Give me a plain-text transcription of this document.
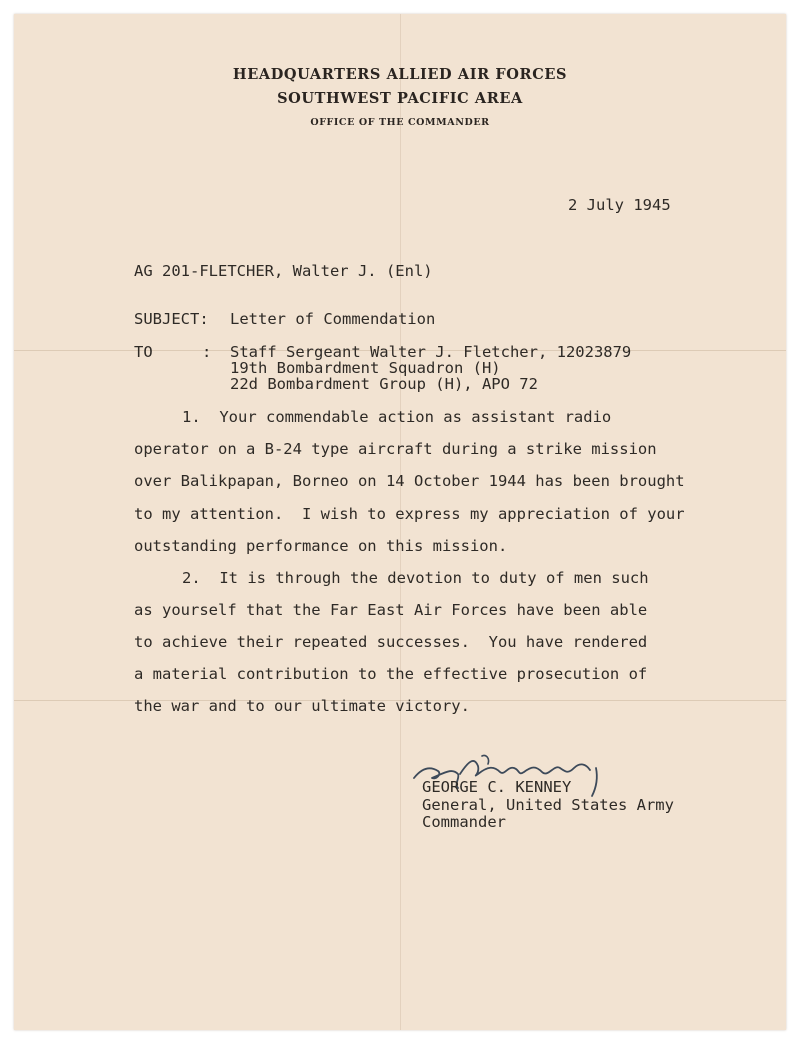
HEADQUARTERS ALLIED AIR FORCES
SOUTHWEST PACIFIC AREA
OFFICE OF THE COMMANDER
2 July 1945
AG 201-FLETCHER, Walter J. (Enl)
SUBJECT: Letter of Commendation
TO	: Staff Sergeant Walter J. Fletcher, 12023879
19th Bombardment Squadron (H)
22d Bombardment Group (H), APO 72
1.  Your commendable action as assistant radio
operator on a B-24 type aircraft during a strike mission
over Balikpapan, Borneo on 14 October 1944 has been brought
to my attention.  I wish to express my appreciation of your
outstanding performance on this mission.
2.  It is through the devotion to duty of men such
as yourself that the Far East Air Forces have been able
to achieve their repeated successes.  You have rendered
a material contribution to the effective prosecution of
the war and to our ultimate victory.
GEORGE C. KENNEY
General, United States Army
Commander
